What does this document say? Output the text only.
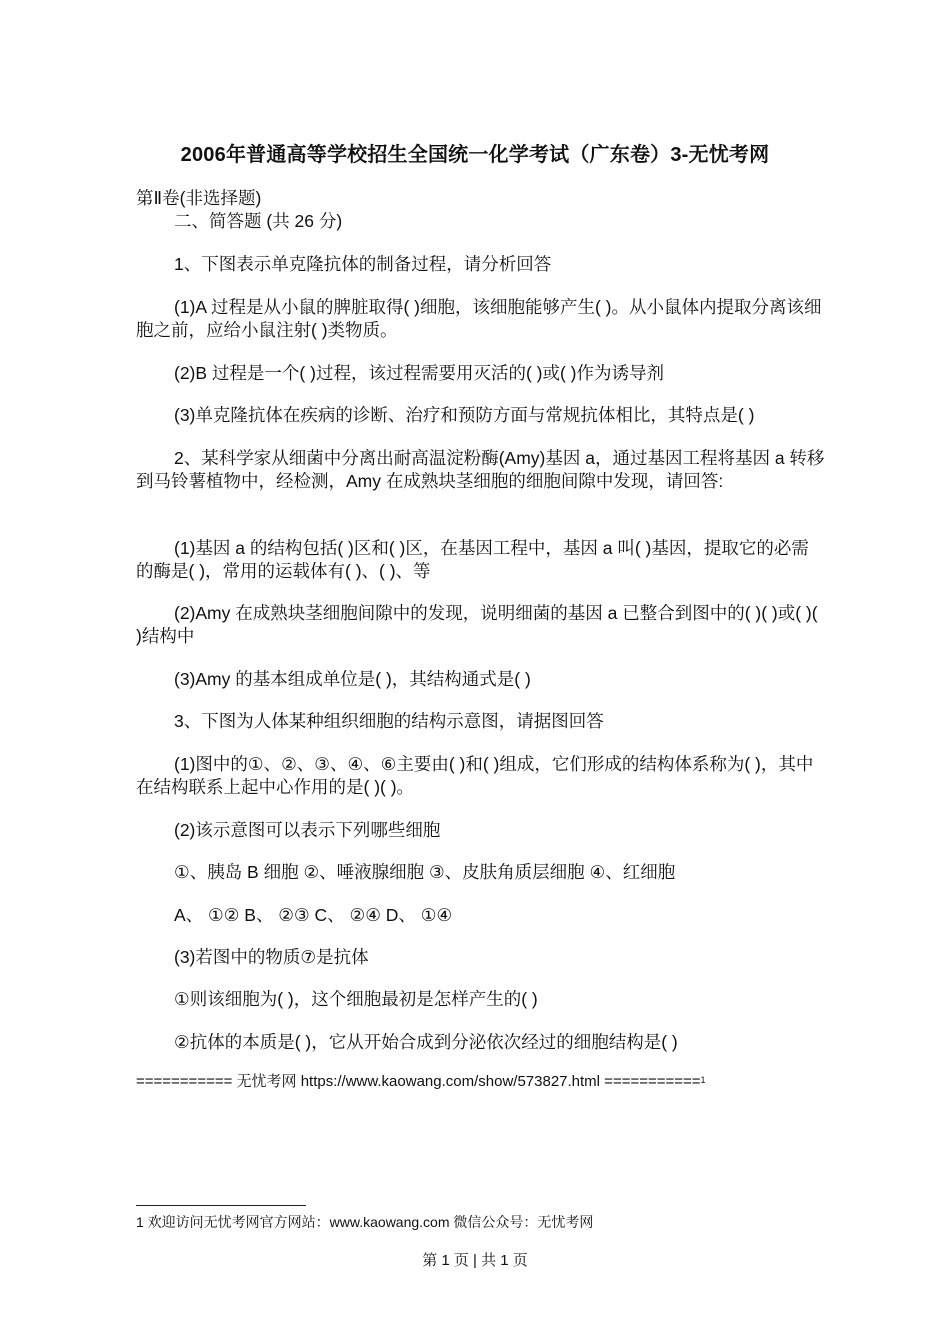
2006年普通高等学校招生全国统一化学考试（广东卷）3-无忧考网

第Ⅱ卷(非选择题)

二、简答题 (共 26 分)

1、下图表示单克隆抗体的制备过程，请分析回答

(1)A 过程是从小鼠的脾脏取得( )细胞，该细胞能够产生( )。从小鼠体内提取分离该细胞之前，应给小鼠注射( )类物质。

(2)B 过程是一个( )过程，该过程需要用灭活的( )或( )作为诱导剂

(3)单克隆抗体在疾病的诊断、治疗和预防方面与常规抗体相比，其特点是( )

2、某科学家从细菌中分离出耐高温淀粉酶(Amy)基因 a，通过基因工程将基因 a 转移到马铃薯植物中，经检测，Amy 在成熟块茎细胞的细胞间隙中发现，请回答:

(1)基因 a 的结构包括( )区和( )区，在基因工程中，基因 a 叫( )基因，提取它的必需的酶是( )，常用的运载体有( )、( )、等

(2)Amy 在成熟块茎细胞间隙中的发现，说明细菌的基因 a 已整合到图中的( )( )或( )( )结构中

(3)Amy 的基本组成单位是( )，其结构通式是( )

3、下图为人体某种组织细胞的结构示意图，请据图回答

(1)图中的①、②、③、④、⑥主要由( )和( )组成，它们形成的结构体系称为( )，其中在结构联系上起中心作用的是( )( )。

(2)该示意图可以表示下列哪些细胞

①、胰岛 B 细胞 ②、唾液腺细胞 ③、皮肤角质层细胞 ④、红细胞

A、 ①② B、 ②③ C、 ②④ D、 ①④

(3)若图中的物质⑦是抗体

①则该细胞为( )，这个细胞最初是怎样产生的( )

②抗体的本质是( )，它从开始合成到分泌依次经过的细胞结构是( )

=========== 无忧考网 https://www.kaowang.com/show/573827.html ===========$^1$
1 欢迎访问无忧考网官方网站：www.kaowang.com 微信公众号：无忧考网
第 1 页 | 共 1 页
